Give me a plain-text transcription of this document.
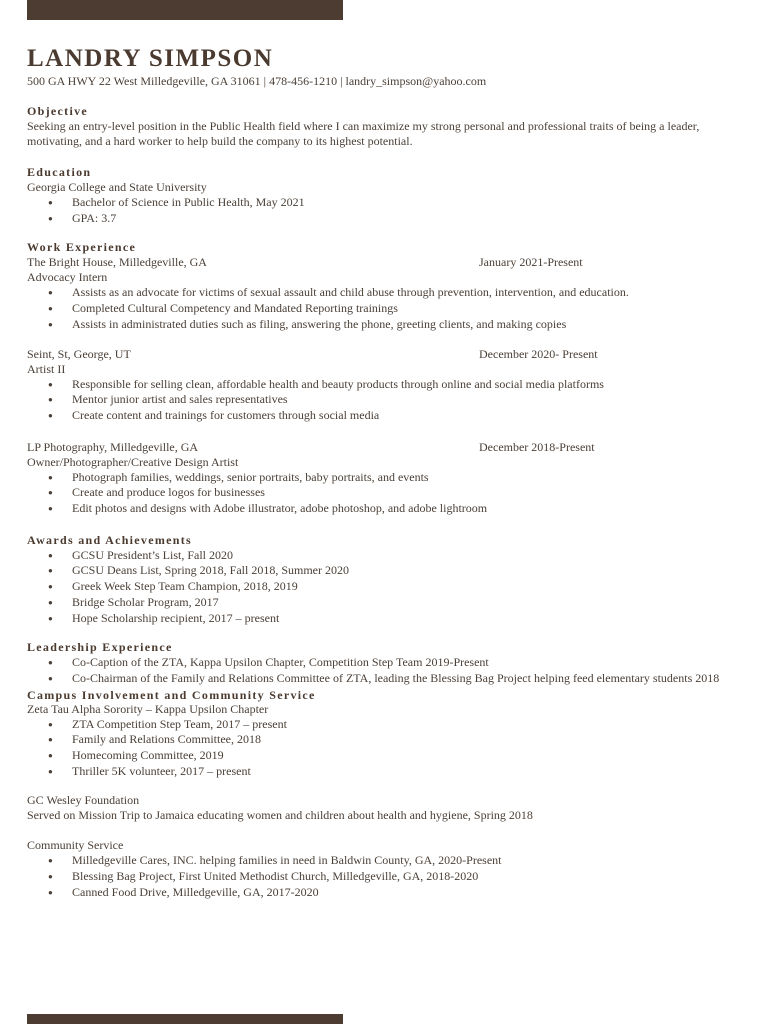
LANDRY SIMPSON
500 GA HWY 22 West Milledgeville, GA 31061 | 478-456-1210 | landry_simpson@yahoo.com
Objective
Seeking an entry-level position in the Public Health field where I can maximize my strong personal and professional traits of being a leader, motivating, and a hard worker to help build the company to its highest potential.
Education
Georgia College and State University
● Bachelor of Science in Public Health, May 2021
● GPA: 3.7
Work Experience
The Bright House, Milledgeville, GA	January 2021-Present
Advocacy Intern
● Assists as an advocate for victims of sexual assault and child abuse through prevention, intervention, and education.
● Completed Cultural Competency and Mandated Reporting trainings
● Assists in administrated duties such as filing, answering the phone, greeting clients, and making copies
Seint, St, George, UT	December 2020- Present
Artist II
● Responsible for selling clean, affordable health and beauty products through online and social media platforms
● Mentor junior artist and sales representatives
● Create content and trainings for customers through social media
LP Photography, Milledgeville, GA	December 2018-Present
Owner/Photographer/Creative Design Artist
● Photograph families, weddings, senior portraits, baby portraits, and events
● Create and produce logos for businesses
● Edit photos and designs with Adobe illustrator, adobe photoshop, and adobe lightroom
Awards and Achievements
● GCSU President’s List, Fall 2020
● GCSU Deans List, Spring 2018, Fall 2018, Summer 2020
● Greek Week Step Team Champion, 2018, 2019
● Bridge Scholar Program, 2017
● Hope Scholarship recipient, 2017 – present
Leadership Experience
● Co-Caption of the ZTA, Kappa Upsilon Chapter, Competition Step Team 2019-Present
● Co-Chairman of the Family and Relations Committee of ZTA, leading the Blessing Bag Project helping feed elementary students 2018
Campus Involvement and Community Service
Zeta Tau Alpha Sorority – Kappa Upsilon Chapter
● ZTA Competition Step Team, 2017 – present
● Family and Relations Committee, 2018
● Homecoming Committee, 2019
● Thriller 5K volunteer, 2017 – present
GC Wesley Foundation
Served on Mission Trip to Jamaica educating women and children about health and hygiene, Spring 2018
Community Service
● Milledgeville Cares, INC. helping families in need in Baldwin County, GA, 2020-Present
● Blessing Bag Project, First United Methodist Church, Milledgeville, GA, 2018-2020
● Canned Food Drive, Milledgeville, GA, 2017-2020
